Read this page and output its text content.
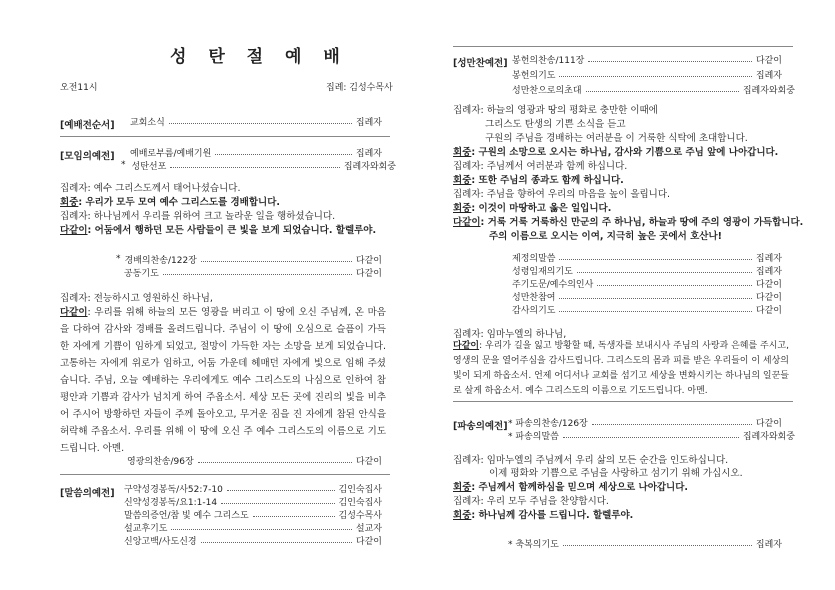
성 탄 절 예 배
오전11시	집례: 김성수목사
[예배전순서] 교회소식	집례자
[모임의예전] 예배로부름/예배기원	집례자
* 성탄선포	집례자와회중
집례자: 예수 그리스도께서 태어나셨습니다.
회중: 우리가 모두 모여 예수 그리스도를 경배합니다.
집례자: 하나님께서 우리를 위하여 크고 놀라운 일을 행하셨습니다.
다같이: 어둠에서 행하던 모든 사람들이 큰 빛을 보게 되었습니다. 할렐루야.
* 경배의찬송/122장	다같이
공동기도	다같이
집례자: 전능하시고 영원하신 하나님,
다같이: 우리를 위해 하늘의 모든 영광을 버리고 이 땅에 오신 주님께, 온 마음을 다하여 감사와 경배를 올려드립니다. 주님이 이 땅에 오심으로 슬픔이 가득한 자에게 기쁨이 임하게 되었고, 절망이 가득한 자는 소망을 보게 되었습니다. 고통하는 자에게 위로가 임하고, 어둠 가운데 헤매던 자에게 빛으로 임해 주셨습니다. 주님, 오늘 예배하는 우리에게도 예수 그리스도의 나심으로 인하여 참 평안과 기쁨과 감사가 넘치게 하여 주옵소서. 세상 모든 곳에 진리의 빛을 비추어 주시어 방황하던 자들이 주께 돌아오고, 무거운 짐을 진 자에게 참된 안식을 허락해 주옵소서. 우리를 위해 이 땅에 오신 주 예수 그리스도의 이름으로 기도드립니다. 아멘.
영광의찬송/96장	다같이
[말씀의예전] 구약성경봉독/사52:7-10	김인숙집사
신약성경봉독/요1:1-14	김인숙집사
말씀의증언/참 빛 예수 그리스도	김성수목사
설교후기도	설교자
신앙고백/사도신경	다같이
[성만찬예전] 봉헌의찬송/111장	다같이
봉헌의기도	집례자
성만찬으로의초대	집례자와회중
집례자: 하늘의 영광과 땅의 평화로 충만한 이때에
그리스도 탄생의 기쁜 소식을 듣고
구원의 주님을 경배하는 여러분을 이 거룩한 식탁에 초대합니다.
회중: 구원의 소망으로 오시는 하나님, 감사와 기쁨으로 주님 앞에 나아갑니다.
집례자: 주님께서 여러분과 함께 하십니다.
회중: 또한 주님의 종과도 함께 하십니다.
집례자: 주님을 향하여 우리의 마음을 높이 올립니다.
회중: 이것이 마땅하고 옳은 일입니다.
다같이: 거룩 거룩 거룩하신 만군의 주 하나님, 하늘과 땅에 주의 영광이 가득합니다.
주의 이름으로 오시는 이여, 지극히 높은 곳에서 호산나!
제정의말씀	집례자
성령임재의기도	집례자
주기도문/예수의인사	다같이
성만찬참여	다같이
감사의기도	다같이
집례자: 임마누엘의 하나님,
다같이: 우리가 길을 잃고 방황할 때, 독생자를 보내시사 주님의 사랑과 은혜를 주시고, 영생의 문을 열어주심을 감사드립니다. 그리스도의 몸과 피를 받은 우리들이 이 세상의 빛이 되게 하옵소서. 언제 어디서나 교회를 섬기고 세상을 변화시키는 하나님의 일꾼들로 살게 하옵소서. 예수 그리스도의 이름으로 기도드립니다. 아멘.
[파송의예전] * 파송의찬송/126장	다같이
* 파송의말씀	집례자와회중
집례자: 임마누엘의 주님께서 우리 삶의 모든 순간을 인도하십니다.
이제 평화와 기쁨으로 주님을 사랑하고 섬기기 위해 가십시오.
회중: 주님께서 함께하심을 믿으며 세상으로 나아갑니다.
집례자: 우리 모두 주님을 찬양합시다.
회중: 하나님께 감사를 드립니다. 할렐루야.
* 축복의기도	집례자
